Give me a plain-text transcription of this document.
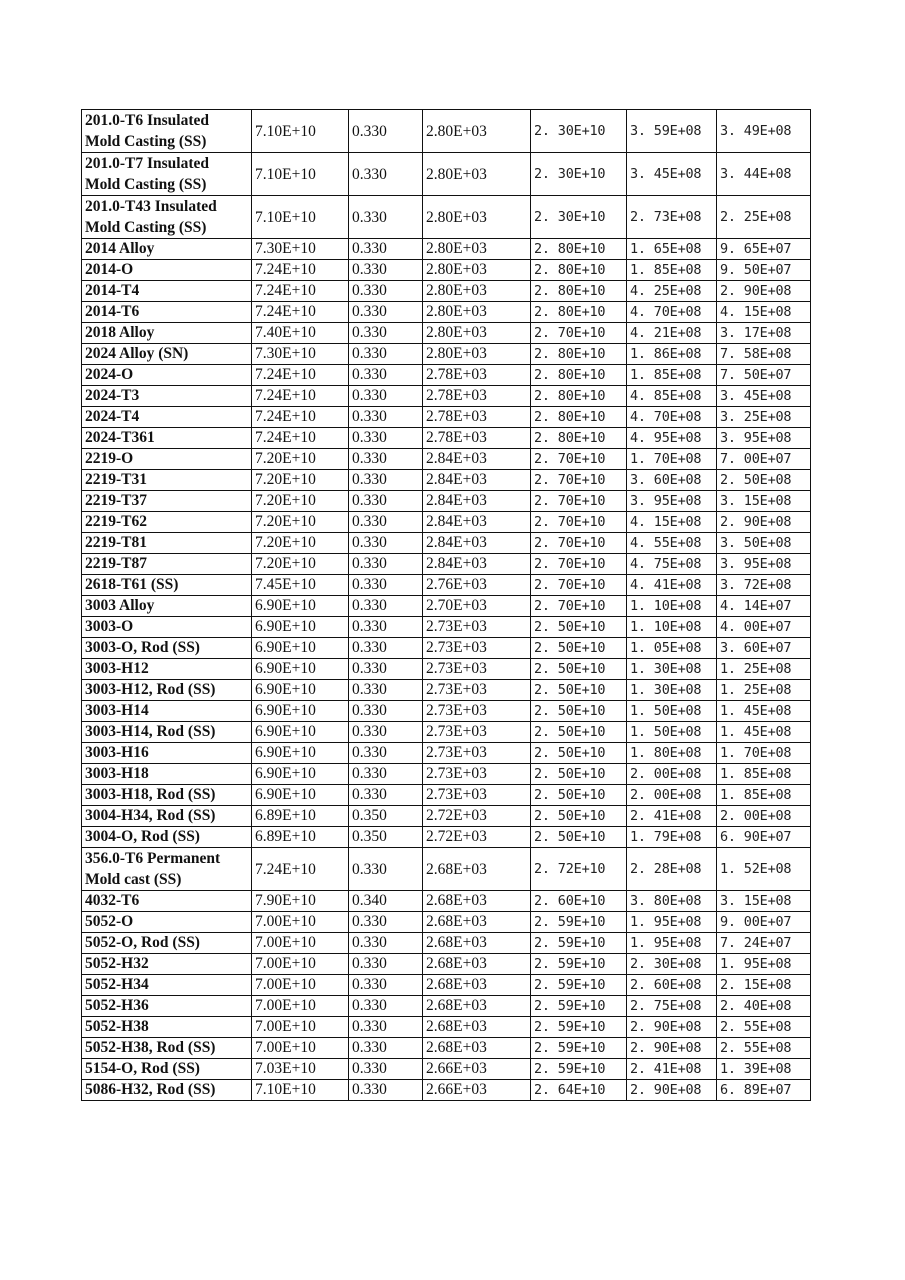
201.0-T6 Insulated Mold Casting (SS)	7.10E+10	0.330	2.80E+03	2. 30E+10	3. 59E+08	3. 49E+08
201.0-T7 Insulated Mold Casting (SS)	7.10E+10	0.330	2.80E+03	2. 30E+10	3. 45E+08	3. 44E+08
201.0-T43 Insulated Mold Casting (SS)	7.10E+10	0.330	2.80E+03	2. 30E+10	2. 73E+08	2. 25E+08
2014 Alloy	7.30E+10	0.330	2.80E+03	2. 80E+10	1. 65E+08	9. 65E+07
2014-O	7.24E+10	0.330	2.80E+03	2. 80E+10	1. 85E+08	9. 50E+07
2014-T4	7.24E+10	0.330	2.80E+03	2. 80E+10	4. 25E+08	2. 90E+08
2014-T6	7.24E+10	0.330	2.80E+03	2. 80E+10	4. 70E+08	4. 15E+08
2018 Alloy	7.40E+10	0.330	2.80E+03	2. 70E+10	4. 21E+08	3. 17E+08
2024 Alloy (SN)	7.30E+10	0.330	2.80E+03	2. 80E+10	1. 86E+08	7. 58E+08
2024-O	7.24E+10	0.330	2.78E+03	2. 80E+10	1. 85E+08	7. 50E+07
2024-T3	7.24E+10	0.330	2.78E+03	2. 80E+10	4. 85E+08	3. 45E+08
2024-T4	7.24E+10	0.330	2.78E+03	2. 80E+10	4. 70E+08	3. 25E+08
2024-T361	7.24E+10	0.330	2.78E+03	2. 80E+10	4. 95E+08	3. 95E+08
2219-O	7.20E+10	0.330	2.84E+03	2. 70E+10	1. 70E+08	7. 00E+07
2219-T31	7.20E+10	0.330	2.84E+03	2. 70E+10	3. 60E+08	2. 50E+08
2219-T37	7.20E+10	0.330	2.84E+03	2. 70E+10	3. 95E+08	3. 15E+08
2219-T62	7.20E+10	0.330	2.84E+03	2. 70E+10	4. 15E+08	2. 90E+08
2219-T81	7.20E+10	0.330	2.84E+03	2. 70E+10	4. 55E+08	3. 50E+08
2219-T87	7.20E+10	0.330	2.84E+03	2. 70E+10	4. 75E+08	3. 95E+08
2618-T61 (SS)	7.45E+10	0.330	2.76E+03	2. 70E+10	4. 41E+08	3. 72E+08
3003 Alloy	6.90E+10	0.330	2.70E+03	2. 70E+10	1. 10E+08	4. 14E+07
3003-O	6.90E+10	0.330	2.73E+03	2. 50E+10	1. 10E+08	4. 00E+07
3003-O, Rod (SS)	6.90E+10	0.330	2.73E+03	2. 50E+10	1. 05E+08	3. 60E+07
3003-H12	6.90E+10	0.330	2.73E+03	2. 50E+10	1. 30E+08	1. 25E+08
3003-H12, Rod (SS)	6.90E+10	0.330	2.73E+03	2. 50E+10	1. 30E+08	1. 25E+08
3003-H14	6.90E+10	0.330	2.73E+03	2. 50E+10	1. 50E+08	1. 45E+08
3003-H14, Rod (SS)	6.90E+10	0.330	2.73E+03	2. 50E+10	1. 50E+08	1. 45E+08
3003-H16	6.90E+10	0.330	2.73E+03	2. 50E+10	1. 80E+08	1. 70E+08
3003-H18	6.90E+10	0.330	2.73E+03	2. 50E+10	2. 00E+08	1. 85E+08
3003-H18, Rod (SS)	6.90E+10	0.330	2.73E+03	2. 50E+10	2. 00E+08	1. 85E+08
3004-H34, Rod (SS)	6.89E+10	0.350	2.72E+03	2. 50E+10	2. 41E+08	2. 00E+08
3004-O, Rod (SS)	6.89E+10	0.350	2.72E+03	2. 50E+10	1. 79E+08	6. 90E+07
356.0-T6 Permanent Mold cast (SS)	7.24E+10	0.330	2.68E+03	2. 72E+10	2. 28E+08	1. 52E+08
4032-T6	7.90E+10	0.340	2.68E+03	2. 60E+10	3. 80E+08	3. 15E+08
5052-O	7.00E+10	0.330	2.68E+03	2. 59E+10	1. 95E+08	9. 00E+07
5052-O, Rod (SS)	7.00E+10	0.330	2.68E+03	2. 59E+10	1. 95E+08	7. 24E+07
5052-H32	7.00E+10	0.330	2.68E+03	2. 59E+10	2. 30E+08	1. 95E+08
5052-H34	7.00E+10	0.330	2.68E+03	2. 59E+10	2. 60E+08	2. 15E+08
5052-H36	7.00E+10	0.330	2.68E+03	2. 59E+10	2. 75E+08	2. 40E+08
5052-H38	7.00E+10	0.330	2.68E+03	2. 59E+10	2. 90E+08	2. 55E+08
5052-H38, Rod (SS)	7.00E+10	0.330	2.68E+03	2. 59E+10	2. 90E+08	2. 55E+08
5154-O, Rod (SS)	7.03E+10	0.330	2.66E+03	2. 59E+10	2. 41E+08	1. 39E+08
5086-H32, Rod (SS)	7.10E+10	0.330	2.66E+03	2. 64E+10	2. 90E+08	6. 89E+07
